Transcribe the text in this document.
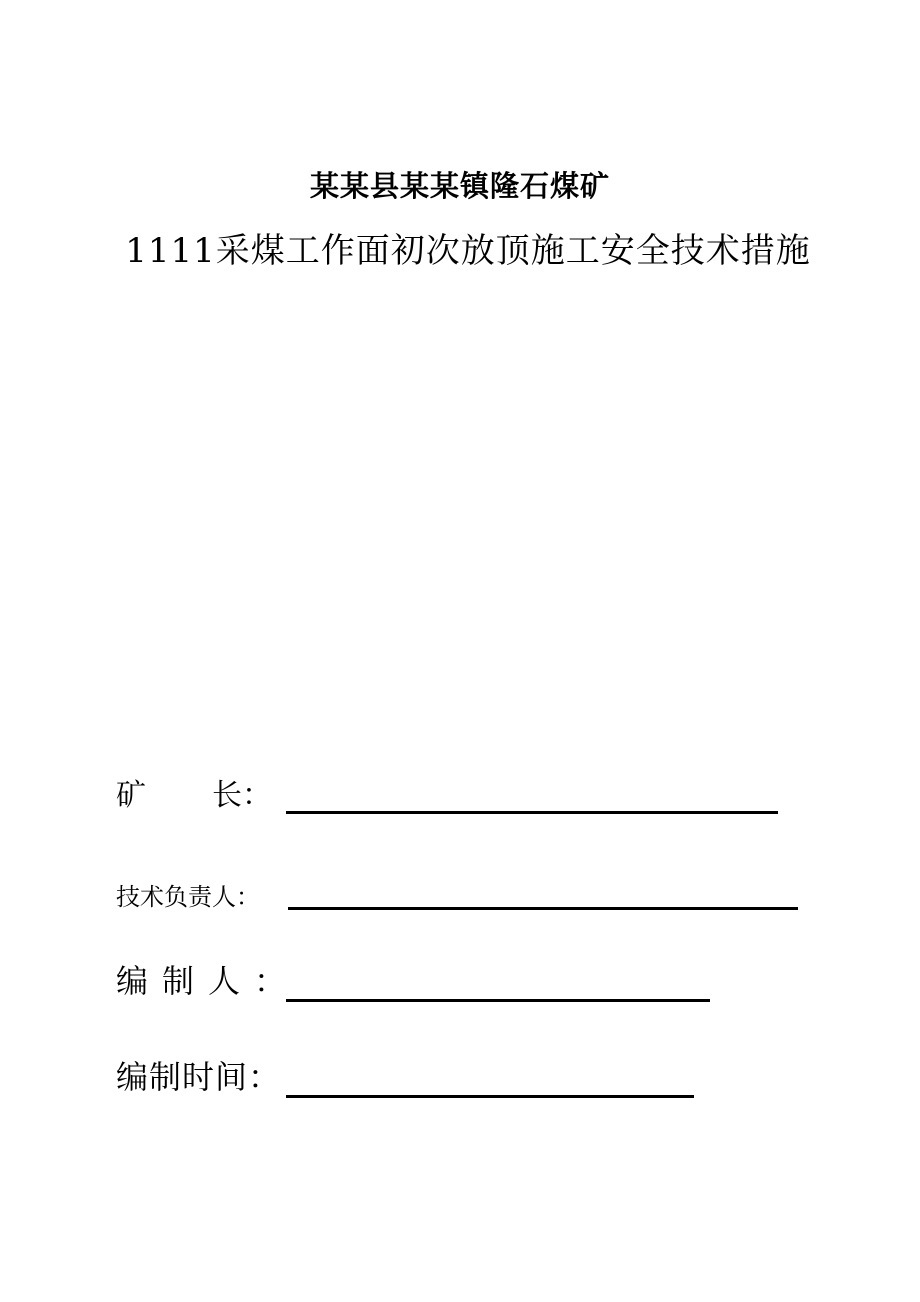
某某县某某镇隆石煤矿
1111采煤工作面初次放顶施工安全技术措施
矿 长：
技术负责人：
编制人：
编制时间：
